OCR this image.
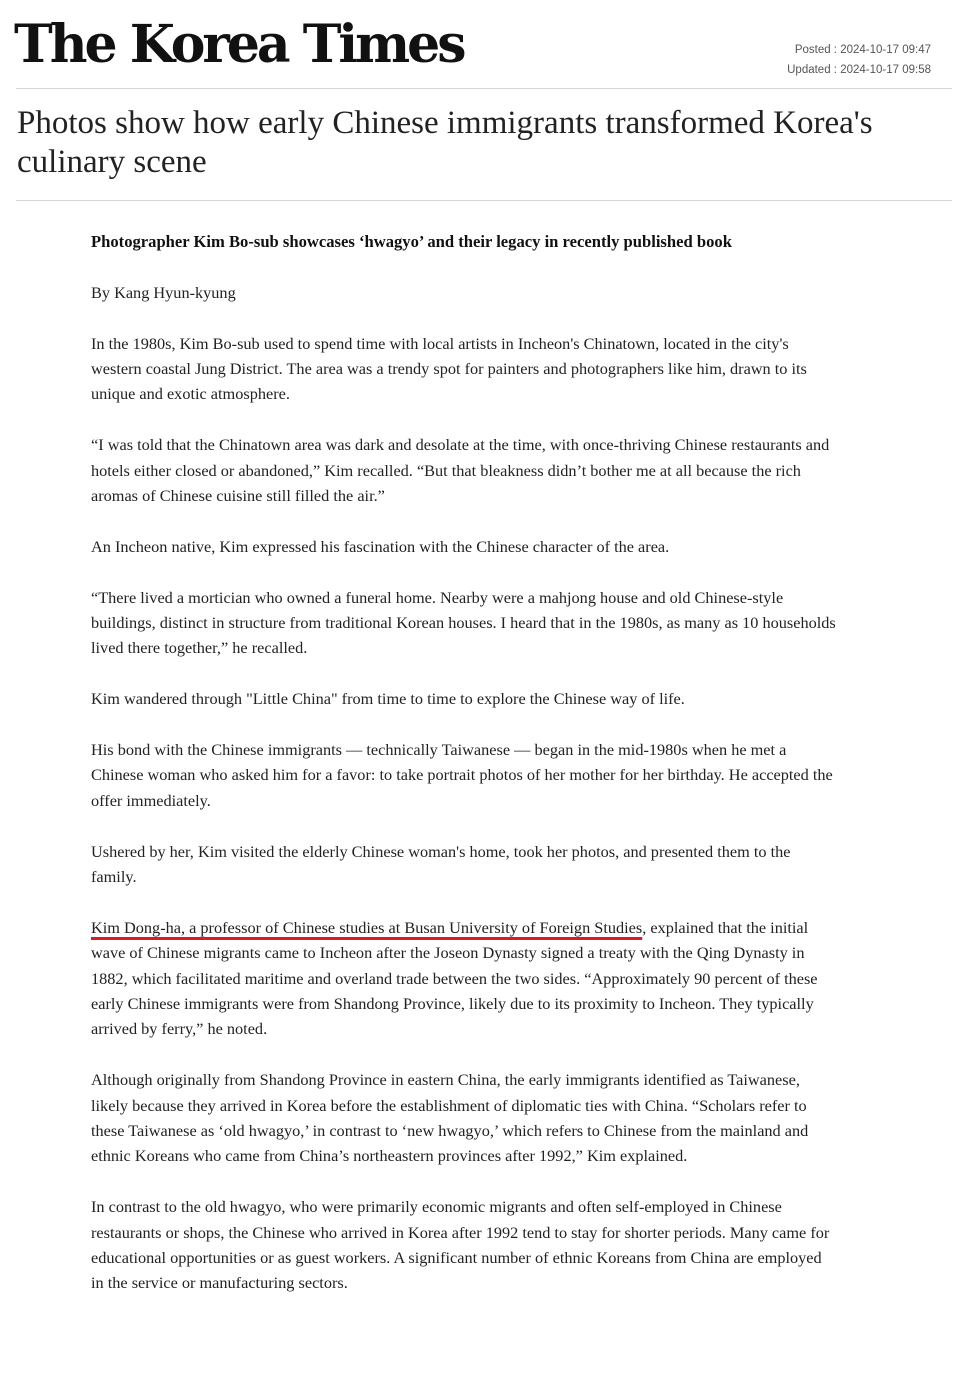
The Korea Times	Posted : 2024-10-17 09:47
Updated : 2024-10-17 09:58
Photos show how early Chinese immigrants transformed Korea's culinary scene

Photographer Kim Bo-sub showcases ‘hwagyo’ and their legacy in recently published book

By Kang Hyun-kyung

In the 1980s, Kim Bo-sub used to spend time with local artists in Incheon's Chinatown, located in the city's western coastal Jung District. The area was a trendy spot for painters and photographers like him, drawn to its unique and exotic atmosphere.

“I was told that the Chinatown area was dark and desolate at the time, with once-thriving Chinese restaurants and hotels either closed or abandoned,” Kim recalled. “But that bleakness didn’t bother me at all because the rich aromas of Chinese cuisine still filled the air.”

An Incheon native, Kim expressed his fascination with the Chinese character of the area.

“There lived a mortician who owned a funeral home. Nearby were a mahjong house and old Chinese-style buildings, distinct in structure from traditional Korean houses. I heard that in the 1980s, as many as 10 households lived there together,” he recalled.

Kim wandered through "Little China" from time to time to explore the Chinese way of life.

His bond with the Chinese immigrants — technically Taiwanese — began in the mid-1980s when he met a Chinese woman who asked him for a favor: to take portrait photos of her mother for her birthday. He accepted the offer immediately.

Ushered by her, Kim visited the elderly Chinese woman's home, took her photos, and presented them to the family.

Kim Dong-ha, a professor of Chinese studies at Busan University of Foreign Studies, explained that the initial wave of Chinese migrants came to Incheon after the Joseon Dynasty signed a treaty with the Qing Dynasty in 1882, which facilitated maritime and overland trade between the two sides. “Approximately 90 percent of these early Chinese immigrants were from Shandong Province, likely due to its proximity to Incheon. They typically arrived by ferry,” he noted.

Although originally from Shandong Province in eastern China, the early immigrants identified as Taiwanese, likely because they arrived in Korea before the establishment of diplomatic ties with China. “Scholars refer to these Taiwanese as ‘old hwagyo,’ in contrast to ‘new hwagyo,’ which refers to Chinese from the mainland and ethnic Koreans who came from China’s northeastern provinces after 1992,” Kim explained.

In contrast to the old hwagyo, who were primarily economic migrants and often self-employed in Chinese restaurants or shops, the Chinese who arrived in Korea after 1992 tend to stay for shorter periods. Many came for educational opportunities or as guest workers. A significant number of ethnic Koreans from China are employed in the service or manufacturing sectors.
